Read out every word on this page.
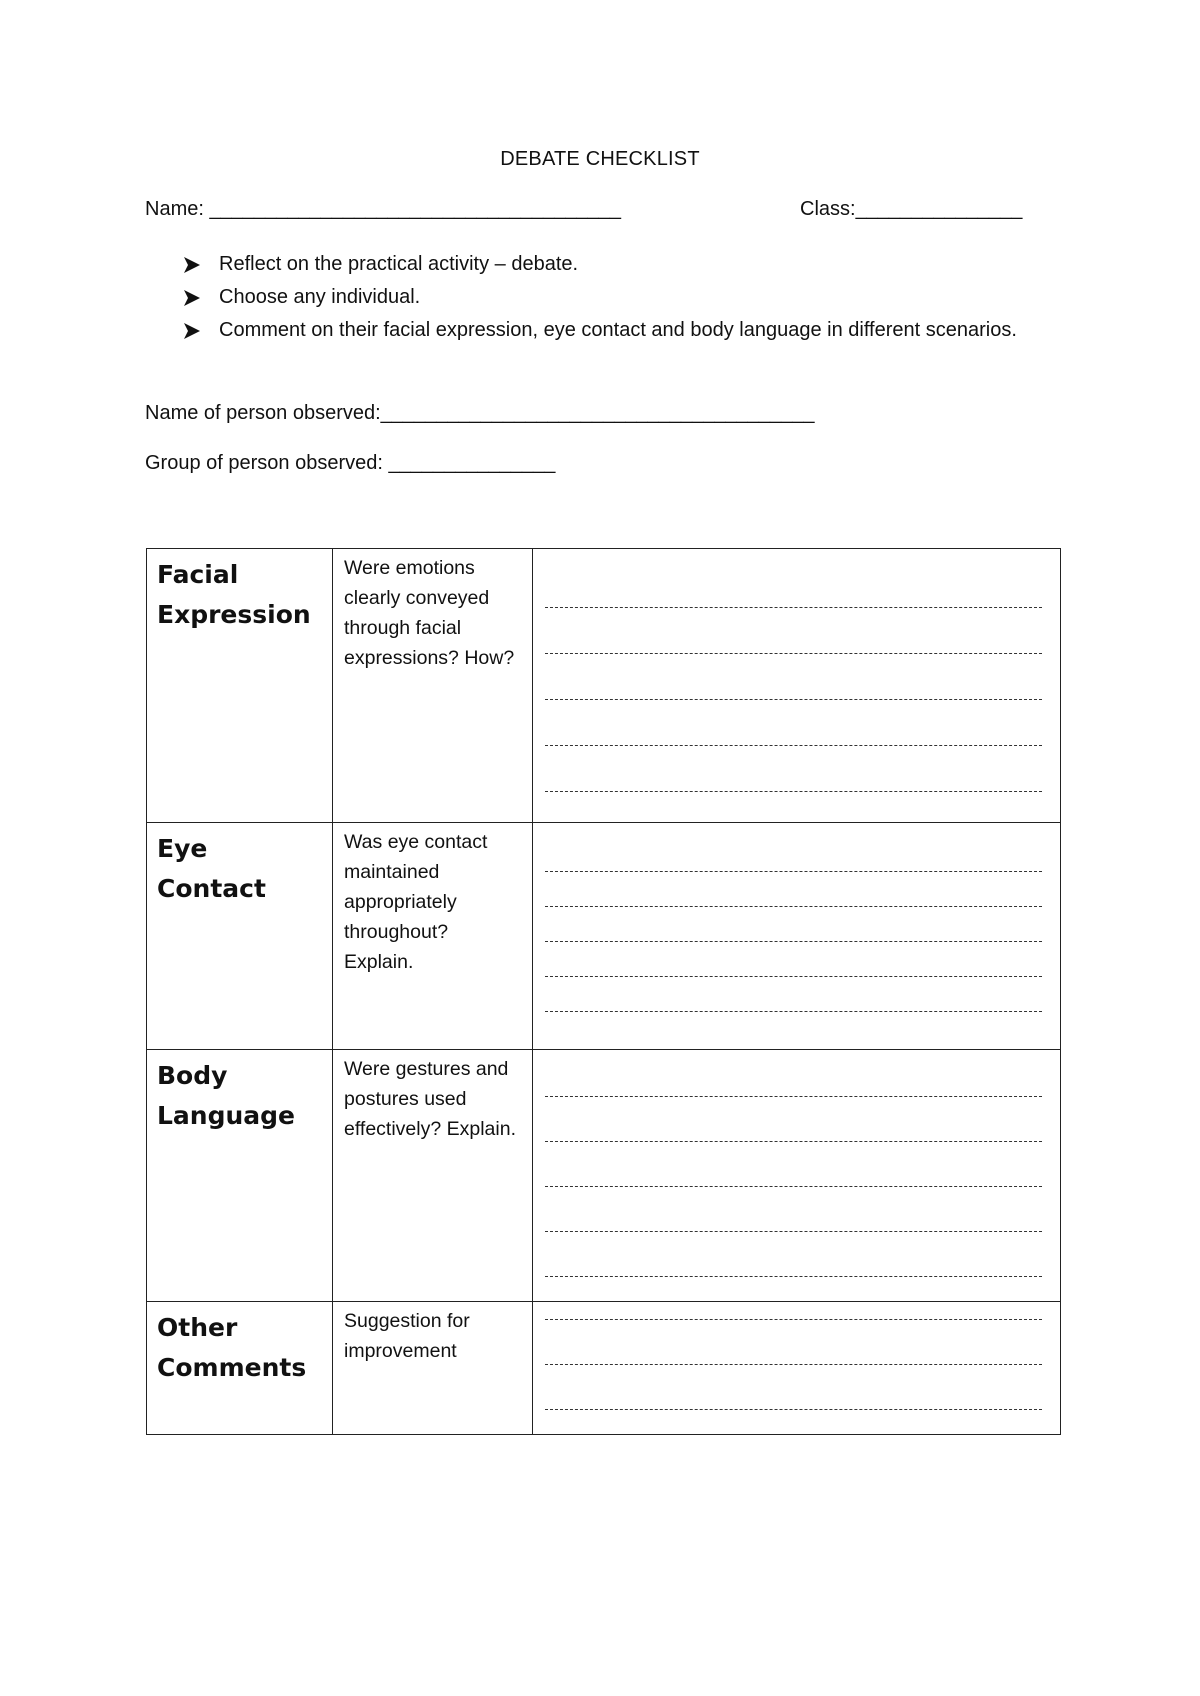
DEBATE CHECKLIST
Name: _____________________________________	Class:_______________
Reflect on the practical activity – debate.
Choose any individual.
Comment on their facial expression, eye contact and body language in different scenarios.
Name of person observed:_______________________________________
Group of person observed: _______________
Facial Expression	Were emotions clearly conveyed through facial expressions? How?	

Eye Contact	Was eye contact maintained appropriately throughout? Explain.	

Body Language	Were gestures and postures used effectively? Explain.	

Other Comments	Suggestion for improvement	
